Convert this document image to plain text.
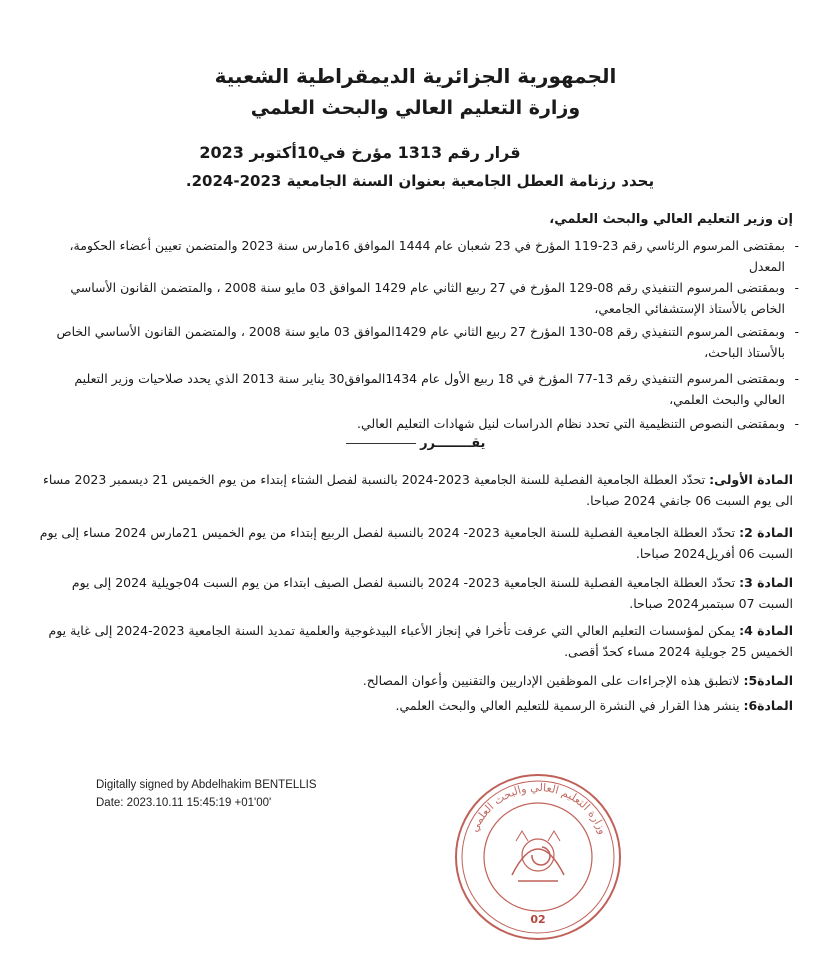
الجمهورية الجزائرية الديمقراطية الشعبية
وزارة التعليم العالي والبحث العلمي
قرار رقم 1313 مؤرخ في10أكتوبر 2023
يحدد رزنامة العطل الجامعية بعنوان السنة الجامعية 2023-2024.
إن وزير التعليم العالي والبحث العلمي،
-
بمقتضى المرسوم الرئاسي رقم 23-119 المؤرخ في 23 شعبان عام 1444 الموافق 16مارس سنة 2023 والمتضمن تعيين أعضاء الحكومة، المعدل
-
وبمقتضى المرسوم التنفيذي رقم 08-129 المؤرخ في 27 ربيع الثاني عام 1429 الموافق 03 مايو سنة 2008 ، والمتضمن القانون الأساسي الخاص بالأستاذ الإستشفائي الجامعي،
-
وبمقتضى المرسوم التنفيذي رقم 08-130 المؤرخ 27 ربيع الثاني عام 1429الموافق 03 مايو سنة 2008 ، والمتضمن القانون الأساسي الخاص بالأستاذ الباحث،
-
وبمقتضى المرسوم التنفيذي رقم 13-77 المؤرخ في 18 ربيع الأول عام 1434الموافق30 يناير سنة 2013 الذي يحدد صلاحيات وزير التعليم العالي والبحث العلمي،
-
وبمقتضى النصوص التنظيمية التي تحدد نظام الدراسات لنيل شهادات التعليم العالي.
يقــــــــرر
المادة الأولى: تحدّد العطلة الجامعية الفصلية للسنة الجامعية 2023-2024 بالنسبة لفصل الشتاء إبتداء من يوم الخميس 21 ديسمبر 2023 مساء الى يوم السبت 06 جانفي 2024 صباحا.
المادة 2: تحدّد العطلة الجامعية الفصلية للسنة الجامعية 2023- 2024 بالنسبة لفصل الربيع إبتداء من يوم الخميس 21مارس 2024 مساء إلى يوم السبت 06 أفريل2024 صباحا.
المادة 3: تحدّد العطلة الجامعية الفصلية للسنة الجامعية 2023- 2024 بالنسبة لفصل الصيف ابتداء من يوم السبت 04جويلية 2024 إلى يوم السبت 07 سبتمبر2024 صباحا.
المادة 4: يمكن لمؤسسات التعليم العالي التي عرفت تأخرا في إنجاز الأعباء البيدغوجية والعلمية تمديد السنة الجامعية 2023-2024 إلى غاية يوم الخميس 25 جويلية 2024 مساء كحدّ أقصى.
المادة5: لاتطبق هذه الإجراءات على الموظفين الإداريين والتقنيين وأعوان المصالح.
المادة6: ينشر هذا القرار في النشرة الرسمية للتعليم العالي والبحث العلمي.
Digitally signed by Abdelhakim BENTELLIS
Date: 2023.10.11 15:45:19 +01'00'
وزارة التعليم العالي والبحث العلمي
02
